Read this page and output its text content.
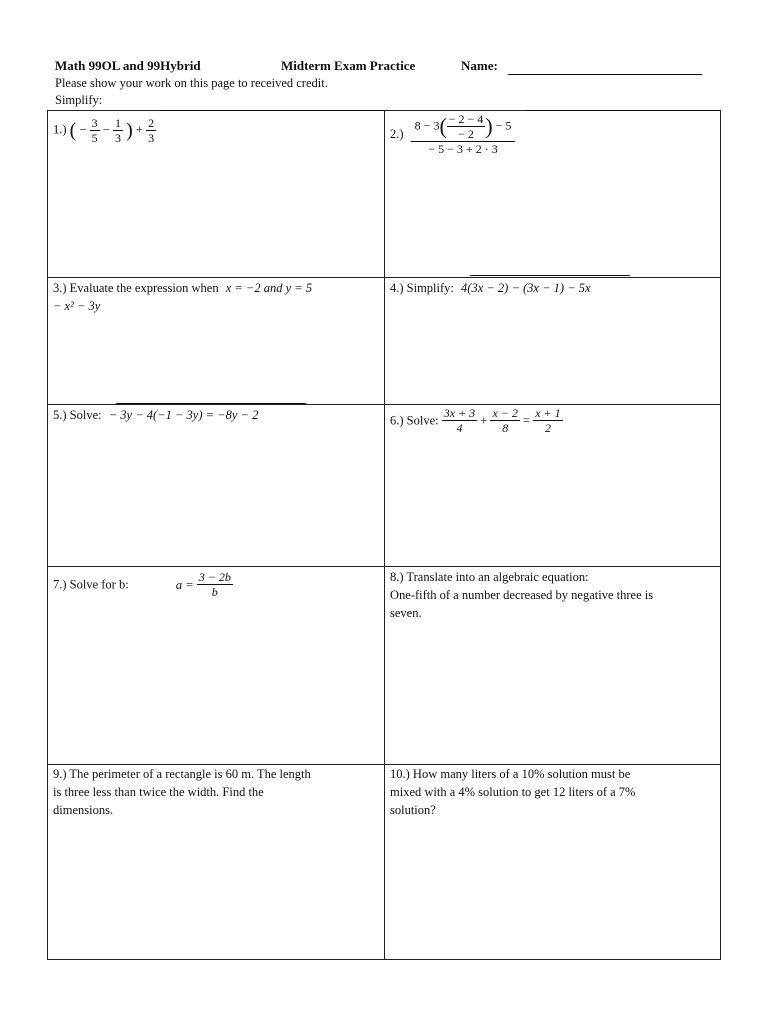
Math 99OL and 99Hybrid	Midterm Exam Practice	Name:
Please show your work on this page to received credit.
Simplify:
1.) ( − $\frac{3}{5} - \frac{1}{3}$ ) + $\frac{2}{3}$	$2.) \frac{8 - 3( \frac{- 2 - 4}{- 2} ) - 5}{- 5 - 3 + 2 \cdot 3}$
3.) Evaluate the expression when x = −2 and y = 5
− x² − 3y
4.) Simplify: 4(3x − 2) − (3x − 1) − 5x
5.) Solve: − 3y − 4(−1 − 3y) = −8y − 2	6.) Solve: $\frac{3x + 3}{4} + \frac{x - 2}{8} = \frac{x + 1}{2}$
7.) Solve for b:	$a = \frac{3 - 2b}{b}$	8.) Translate into an algebraic equation:
One-fifth of a number decreased by negative three is
seven.
9.) The perimeter of a rectangle is 60 m. The length
is three less than twice the width. Find the
dimensions.
10.) How many liters of a 10% solution must be
mixed with a 4% solution to get 12 liters of a 7%
solution?
